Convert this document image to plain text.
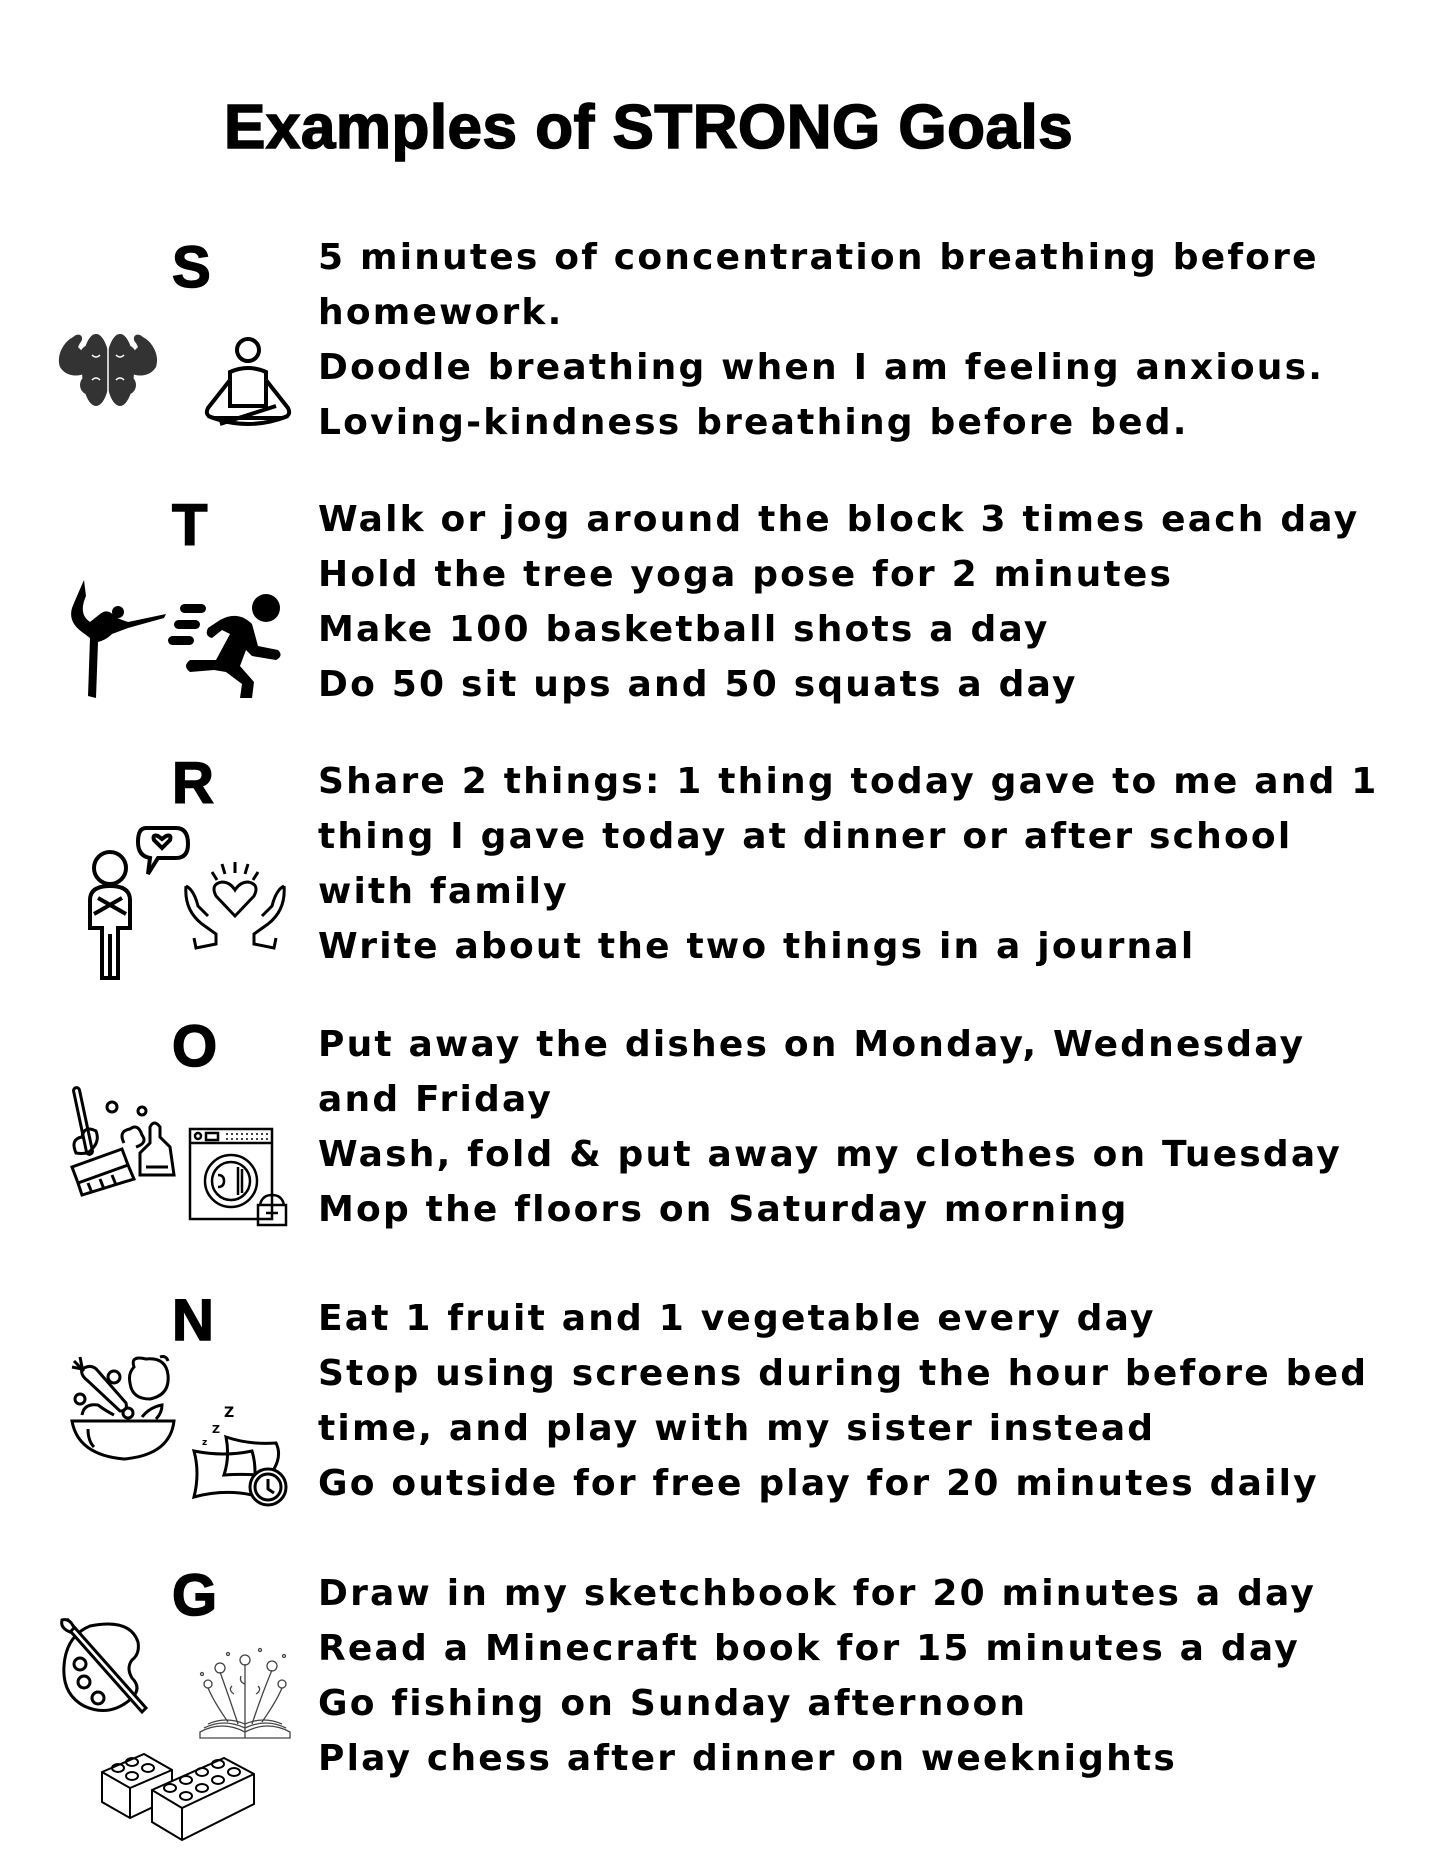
Examples of STRONG Goals
S	5 minutes of concentration breathing before
homework.
Doodle breathing when I am feeling anxious.
Loving-kindness breathing before bed.
T	Walk or jog around the block 3 times each day
Hold the tree yoga pose for 2 minutes
Make 100 basketball shots a day
Do 50 sit ups and 50 squats a day
R	Share 2 things: 1 thing today gave to me and 1
thing I gave today at dinner or after school
with family
Write about the two things in a journal
O	Put away the dishes on Monday, Wednesday
and Friday
Wash, fold & put away my clothes on Tuesday
Mop the floors on Saturday morning
N	Eat 1 fruit and 1 vegetable every day
Stop using screens during the hour before bed
time, and play with my sister instead
Go outside for free play for 20 minutes daily
Z
Z
z
G	Draw in my sketchbook for 20 minutes a day
Read a Minecraft book for 15 minutes a day
Go fishing on Sunday afternoon
Play chess after dinner on weeknights
